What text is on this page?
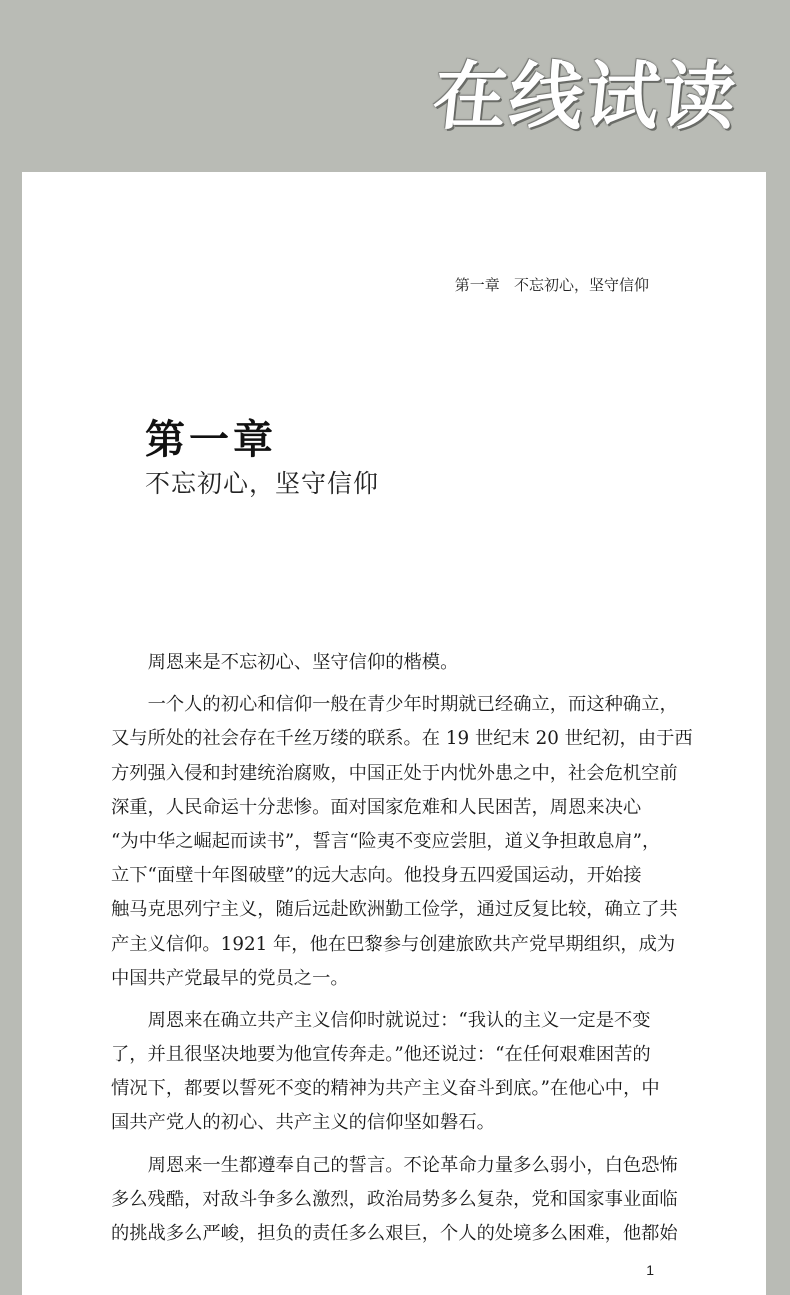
在线试读
第一章   不忘初心，坚守信仰
第一章
不忘初心，坚守信仰
周恩来是不忘初心、坚守信仰的楷模。
一个人的初心和信仰一般在青少年时期就已经确立，而这种确立，
又与所处的社会存在千丝万缕的联系。在 19 世纪末 20 世纪初，由于西
方列强入侵和封建统治腐败，中国正处于内忧外患之中，社会危机空前
深重，人民命运十分悲惨。面对国家危难和人民困苦，周恩来决心
“为中华之崛起而读书”，誓言“险夷不变应尝胆，道义争担敢息肩”，
立下“面壁十年图破壁”的远大志向。他投身五四爱国运动，开始接
触马克思列宁主义，随后远赴欧洲勤工俭学，通过反复比较，确立了共
产主义信仰。1921 年，他在巴黎参与创建旅欧共产党早期组织，成为
中国共产党最早的党员之一。
周恩来在确立共产主义信仰时就说过：“我认的主义一定是不变
了，并且很坚决地要为他宣传奔走。”他还说过：“在任何艰难困苦的
情况下，都要以誓死不变的精神为共产主义奋斗到底。”在他心中，中
国共产党人的初心、共产主义的信仰坚如磐石。
周恩来一生都遵奉自己的誓言。不论革命力量多么弱小，白色恐怖
多么残酷，对敌斗争多么激烈，政治局势多么复杂，党和国家事业面临
的挑战多么严峻，担负的责任多么艰巨，个人的处境多么困难，他都始
1
